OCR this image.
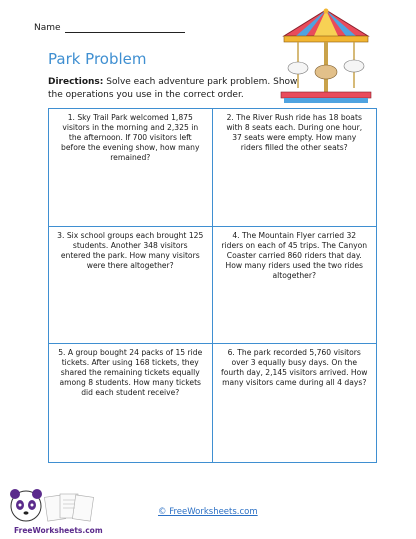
Name
Park Problem
Directions: Solve each adventure park problem. Show the operations you use in the correct order.
1. Sky Trail Park welcomed 1,875 visitors in the morning and 2,325 in the afternoon. If 700 visitors left before the evening show, how many remained?
2. The River Rush ride has 18 boats with 8 seats each. During one hour, 37 seats were empty. How many riders filled the other seats?
3. Six school groups each brought 125 students. Another 348 visitors entered the park. How many visitors were there altogether?
4. The Mountain Flyer carried 32 riders on each of 45 trips. The Canyon Coaster carried 860 riders that day. How many riders used the two rides altogether?
5. A group bought 24 packs of 15 ride tickets. After using 168 tickets, they shared the remaining tickets equally among 8 students. How many tickets did each student receive?
6. The park recorded 5,760 visitors over 3 equally busy days. On the fourth day, 2,145 visitors arrived. How many visitors came during all 4 days?
FreeWorksheets.com
© FreeWorksheets.com
